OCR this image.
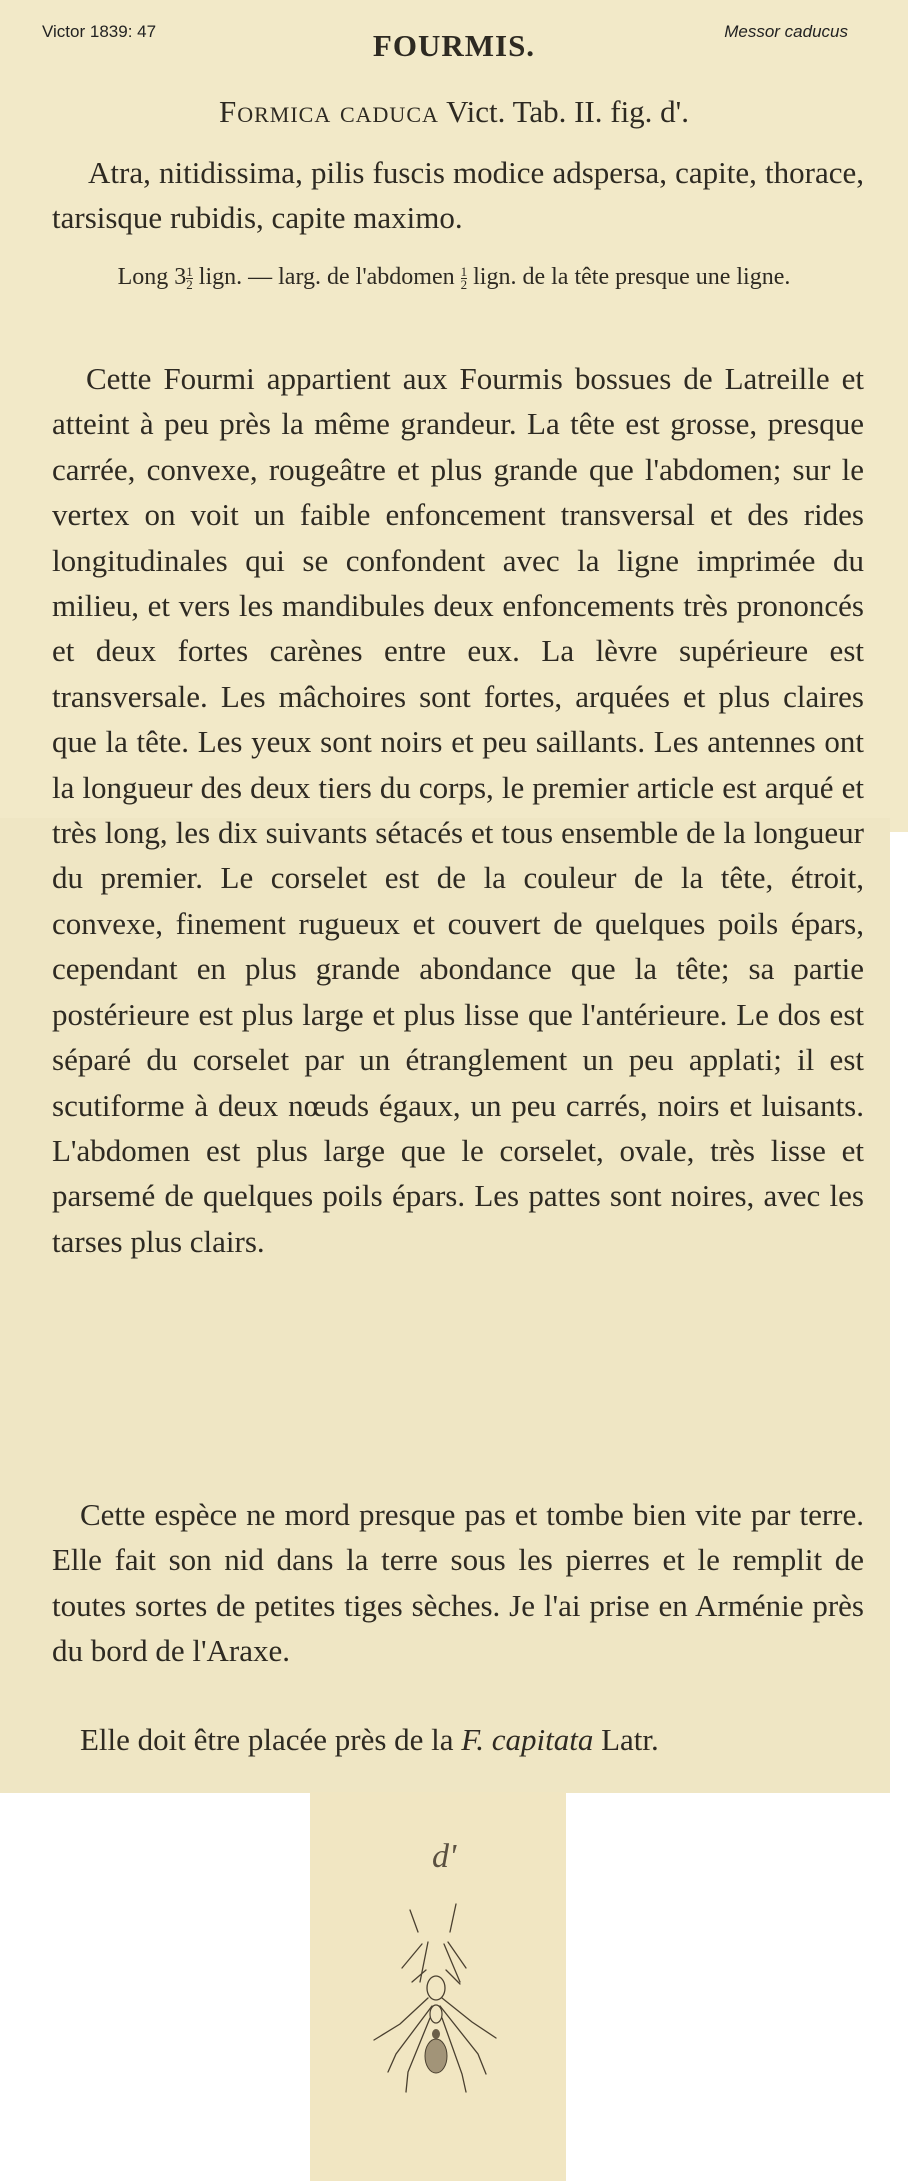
Victor 1839: 47	FOURMIS.	Messor caducus
Formica caduca Vict. Tab. II. fig. d'.
Atra, nitidissima, pilis fuscis modice adspersa, capite, thorace, tarsisque rubidis, capite maximo.
Long $3 \frac{1}{2}$ lign. — larg. de l'abdomen $\frac{1}{2}$ lign. de la tête presque une ligne.
Cette Fourmi appartient aux Fourmis bossues de Latreille et atteint à peu près la même grandeur. La tête est grosse, presque carrée, convexe, rougeâtre et plus grande que l'abdomen; sur le vertex on voit un faible enfoncement transversal et des rides longitudinales qui se confondent avec la ligne imprimée du milieu, et vers les mandibules deux enfoncements très prononcés et deux fortes carènes entre eux. La lèvre supérieure est transversale. Les mâchoires sont fortes, arquées et plus claires que la tête. Les yeux sont noirs et peu saillants. Les antennes ont la longueur des deux tiers du corps, le premier article est arqué et très long, les dix suivants sétacés et tous ensemble de la longueur du premier. Le corselet est de la couleur de la tête, étroit, convexe, finement rugueux et couvert de quelques poils épars, cependant en plus grande abondance que la tête; sa partie postérieure est plus large et plus lisse que l'antérieure. Le dos est séparé du corselet par un étranglement un peu applati; il est scutiforme à deux nœuds égaux, un peu carrés, noirs et luisants. L'abdomen est plus large que le corselet, ovale, très lisse et parsemé de quelques poils épars. Les pattes sont noires, avec les tarses plus clairs.
Cette espèce ne mord presque pas et tombe bien vite par terre. Elle fait son nid dans la terre sous les pierres et le remplit de toutes sortes de petites tiges sèches. Je l'ai prise en Arménie près du bord de l'Araxe.
Elle doit être placée près de la F. capitata Latr.
d'
